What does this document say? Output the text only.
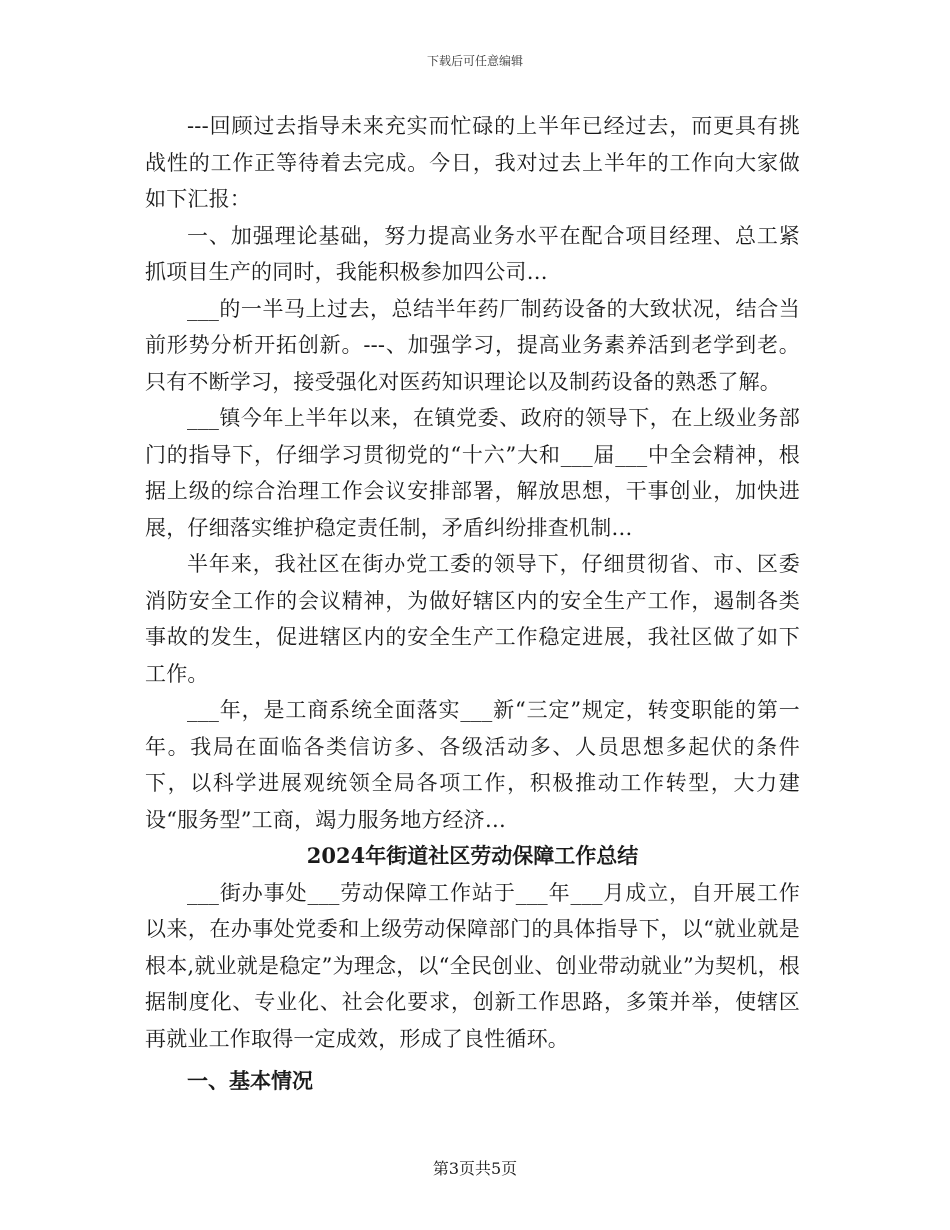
下载后可任意编辑

---回顾过去指导未来充实而忙碌的上半年已经过去，而更具有挑战性的工作正等待着去完成。今日，我对过去上半年的工作向大家做如下汇报：

一、加强理论基础，努力提高业务水平在配合项目经理、总工紧抓项目生产的同时，我能积极参加四公司…

___的一半马上过去，总结半年药厂制药设备的大致状况，结合当前形势分析开拓创新。---、加强学习，提高业务素养活到老学到老。只有不断学习，接受强化对医药知识理论以及制药设备的熟悉了解。

___镇今年上半年以来，在镇党委、政府的领导下，在上级业务部门的指导下，仔细学习贯彻党的“十六”大和___届___中全会精神，根据上级的综合治理工作会议安排部署，解放思想，干事创业，加快进展，仔细落实维护稳定责任制，矛盾纠纷排查机制…

半年来，我社区在街办党工委的领导下，仔细贯彻省、市、区委消防安全工作的会议精神，为做好辖区内的安全生产工作，遏制各类事故的发生，促进辖区内的安全生产工作稳定进展，我社区做了如下工作。

___年，是工商系统全面落实___新“三定”规定，转变职能的第一年。我局在面临各类信访多、各级活动多、人员思想多起伏的条件下，以科学进展观统领全局各项工作，积极推动工作转型，大力建设“服务型”工商，竭力服务地方经济…

2024年街道社区劳动保障工作总结

___街办事处___劳动保障工作站于___年___月成立，自开展工作以来，在办事处党委和上级劳动保障部门的具体指导下，以“就业就是根本,就业就是稳定”为理念，以“全民创业、创业带动就业”为契机，根据制度化、专业化、社会化要求，创新工作思路，多策并举，使辖区再就业工作取得一定成效，形成了良性循环。

一、基本情况
第3页共5页
